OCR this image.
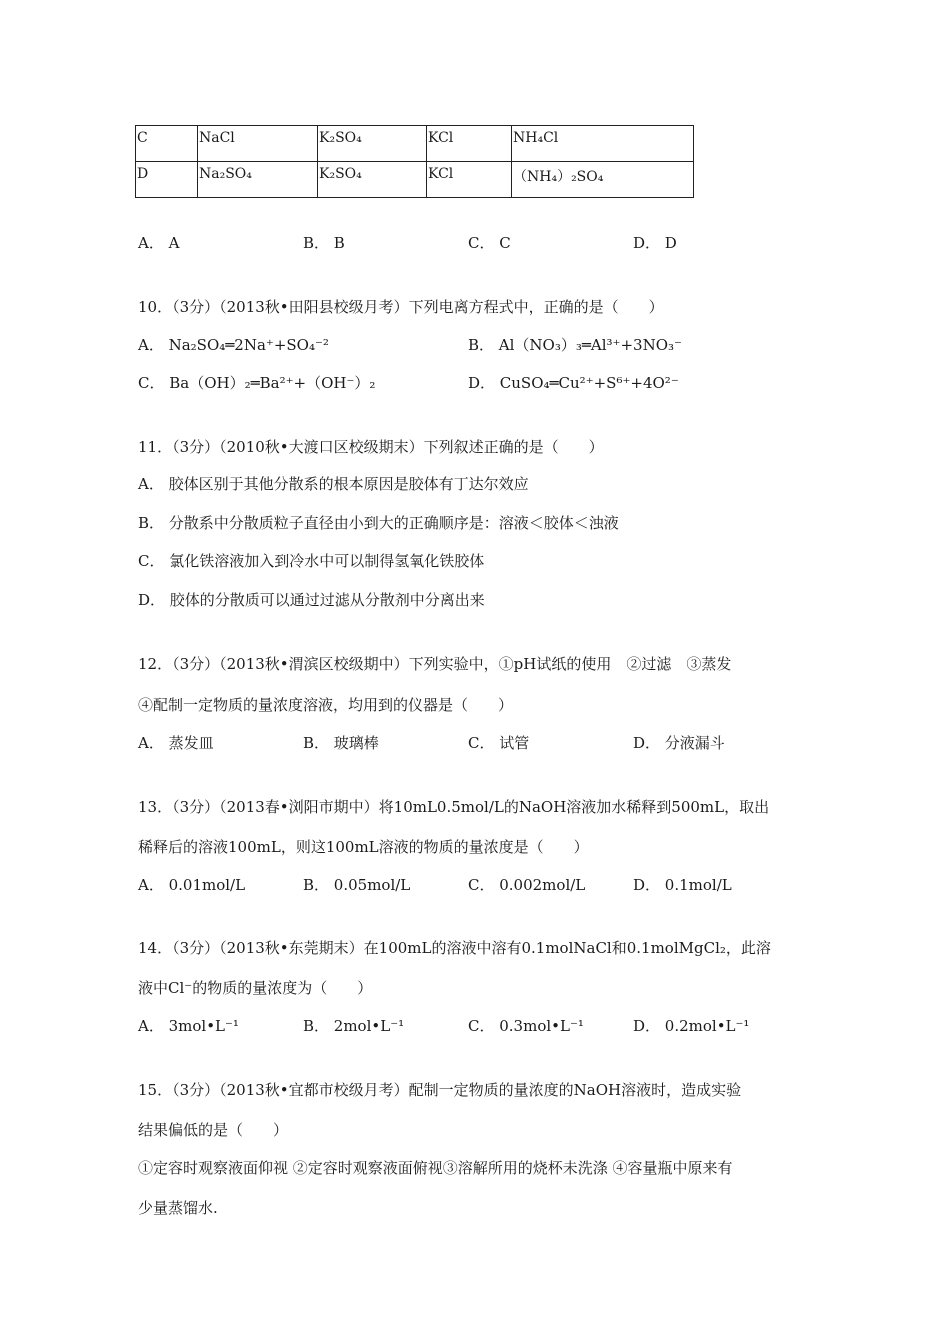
C	NaCl	K₂SO₄	KCl	NH₄Cl
D	Na₂SO₄	K₂SO₄	KCl	（NH₄）₂SO₄
A． A	B． B	C． C	D． D
10．（3分）（2013秋•田阳县校级月考）下列电离方程式中，正确的是（　　）
A． Na₂SO₄═2Na⁺+SO₄⁻²	B． Al（NO₃）₃═Al³⁺+3NO₃⁻
C． Ba（OH）₂═Ba²⁺+（OH⁻）₂	D． CuSO₄═Cu²⁺+S⁶⁺+4O²⁻
11．（3分）（2010秋•大渡口区校级期末）下列叙述正确的是（　　）
A． 胶体区别于其他分散系的根本原因是胶体有丁达尔效应
B． 分散系中分散质粒子直径由小到大的正确顺序是：溶液＜胶体＜浊液
C． 氯化铁溶液加入到冷水中可以制得氢氧化铁胶体
D． 胶体的分散质可以通过过滤从分散剂中分离出来
12．（3分）（2013秋•渭滨区校级期中）下列实验中，①pH试纸的使用　②过滤　③蒸发
④配制一定物质的量浓度溶液，均用到的仪器是（　　）
A． 蒸发皿	B． 玻璃棒	C． 试管	D． 分液漏斗
13．（3分）（2013春•浏阳市期中）将10mL0.5mol/L的NaOH溶液加水稀释到500mL，取出
稀释后的溶液100mL，则这100mL溶液的物质的量浓度是（　　）
A． 0.01mol/L	B． 0.05mol/L	C． 0.002mol/L	D． 0.1mol/L
14．（3分）（2013秋•东莞期末）在100mL的溶液中溶有0.1molNaCl和0.1molMgCl₂，此溶
液中Cl⁻的物质的量浓度为（　　）
A． 3mol•L⁻¹	B． 2mol•L⁻¹	C． 0.3mol•L⁻¹	D． 0.2mol•L⁻¹
15．（3分）（2013秋•宜都市校级月考）配制一定物质的量浓度的NaOH溶液时，造成实验
结果偏低的是（　　）
①定容时观察液面仰视 ②定容时观察液面俯视③溶解所用的烧杯未洗涤 ④容量瓶中原来有
少量蒸馏水.
